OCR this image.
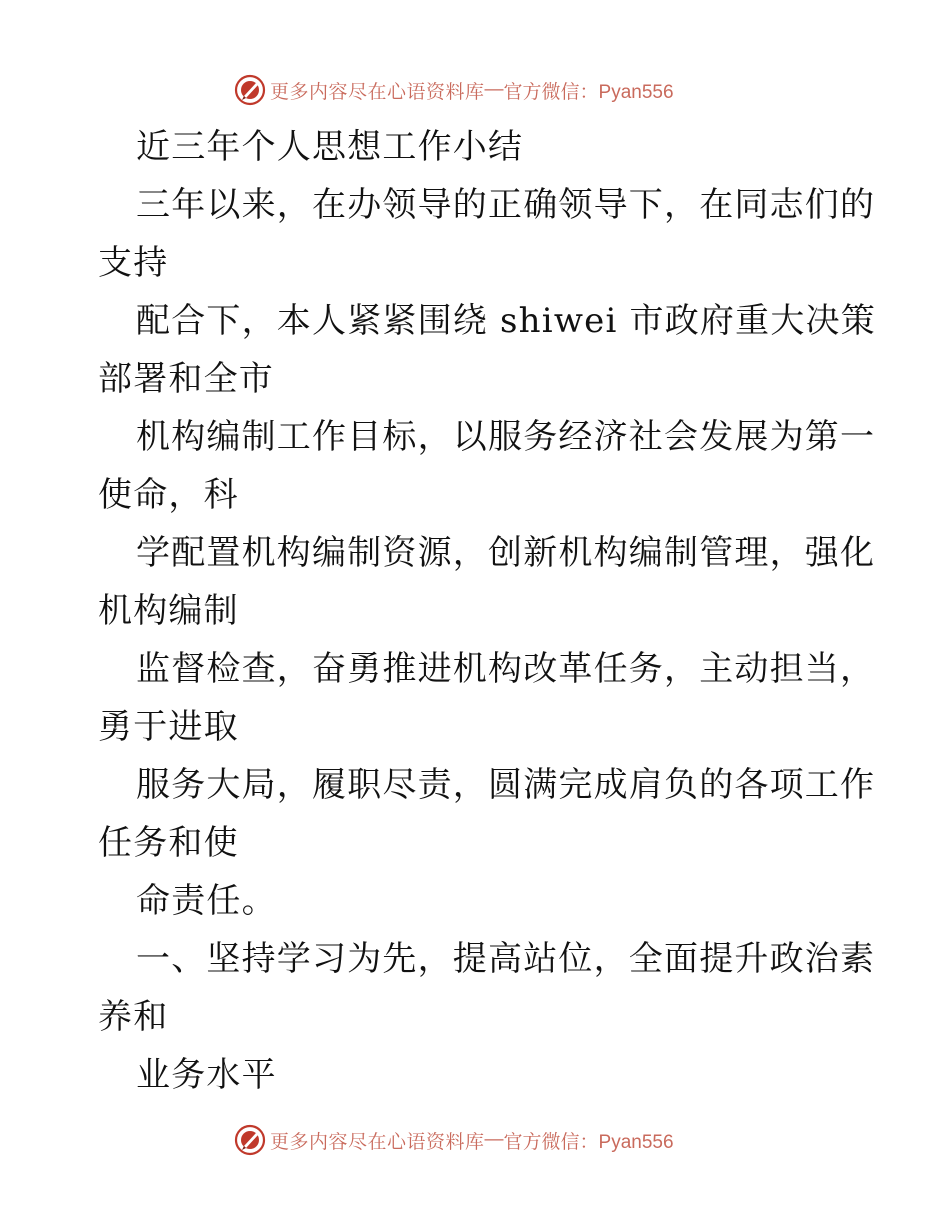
更多内容尽在心语资料库 — 官方微信：Pyan556
近三年个人思想工作小结
三年以来，在办领导的正确领导下，在同志们的
支持
配合下，本人紧紧围绕 shiwei 市政府重大决策
部署和全市
机构编制工作目标，以服务经济社会发展为第一
使命，科
学配置机构编制资源，创新机构编制管理，强化
机构编制
监督检查，奋勇推进机构改革任务，主动担当，
勇于进取
服务大局，履职尽责，圆满完成肩负的各项工作
任务和使
命责任。
一、坚持学习为先，提高站位，全面提升政治素
养和
业务水平
更多内容尽在心语资料库 — 官方微信：Pyan556
